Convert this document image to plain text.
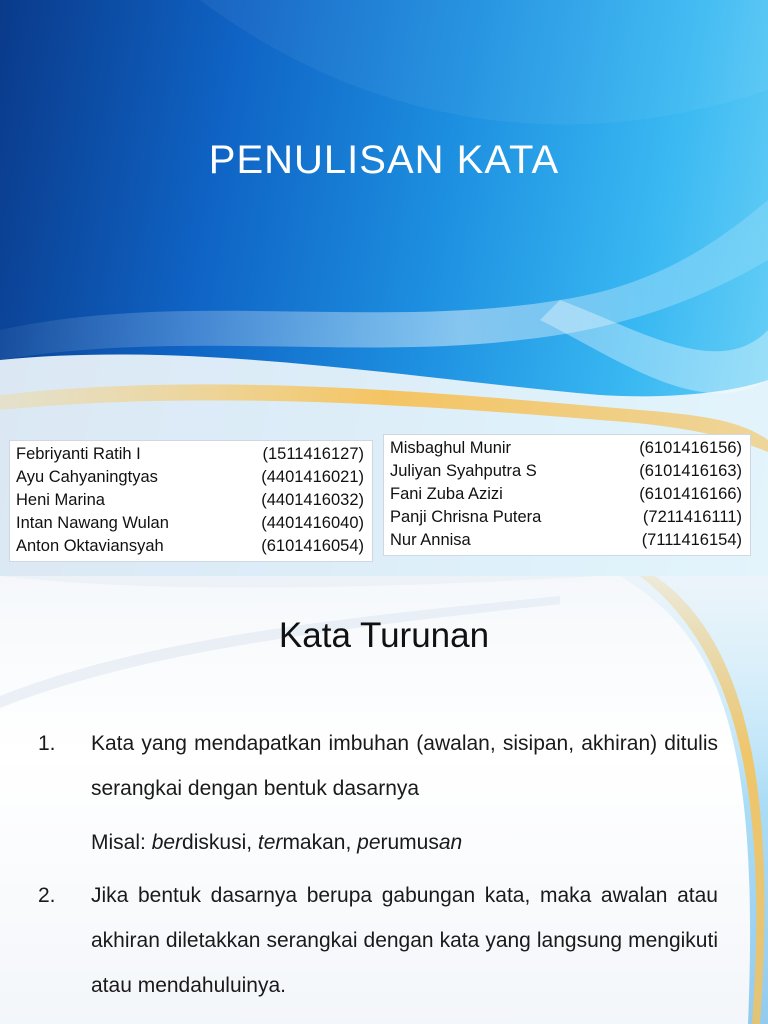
PENULISAN KATA
Febriyanti Ratih I	(1511416127)
Ayu Cahyaningtyas	(4401416021)
Heni Marina	(4401416032)
Intan Nawang Wulan	(4401416040)
Anton Oktaviansyah	(6101416054)
Misbaghul Munir	(6101416156)
Juliyan Syahputra S	(6101416163)
Fani Zuba Azizi	(6101416166)
Panji Chrisna Putera	(7211416111)
Nur Annisa	(7111416154)
Kata Turunan
1.	Kata yang mendapatkan imbuhan (awalan, sisipan, akhiran) ditulis serangkai dengan bentuk dasarnya
Misal: berdiskusi, termakan, perumusan
2.	Jika bentuk dasarnya berupa gabungan kata, maka awalan atau akhiran diletakkan serangkai dengan kata yang langsung mengikuti atau mendahuluinya.
